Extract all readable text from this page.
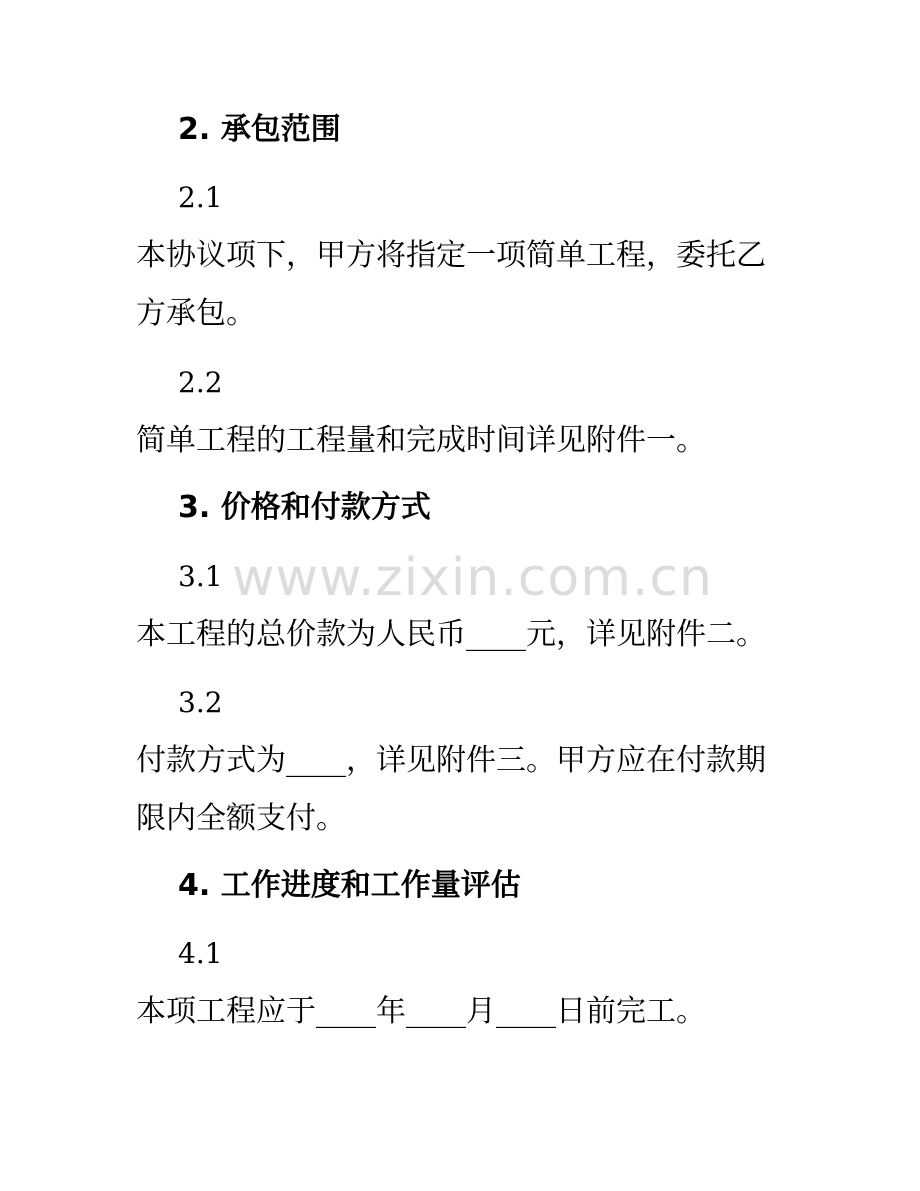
www.zixin.com.cn
2. 承包范围
2.1
本协议项下，甲方将指定一项简单工程，委托乙
方承包。
2.2
简单工程的工程量和完成时间详见附件一。
3. 价格和付款方式
3.1
本工程的总价款为人民币____元，详见附件二。
3.2
付款方式为____，详见附件三。甲方应在付款期
限内全额支付。
4. 工作进度和工作量评估
4.1
本项工程应于____年____月____日前完工。
